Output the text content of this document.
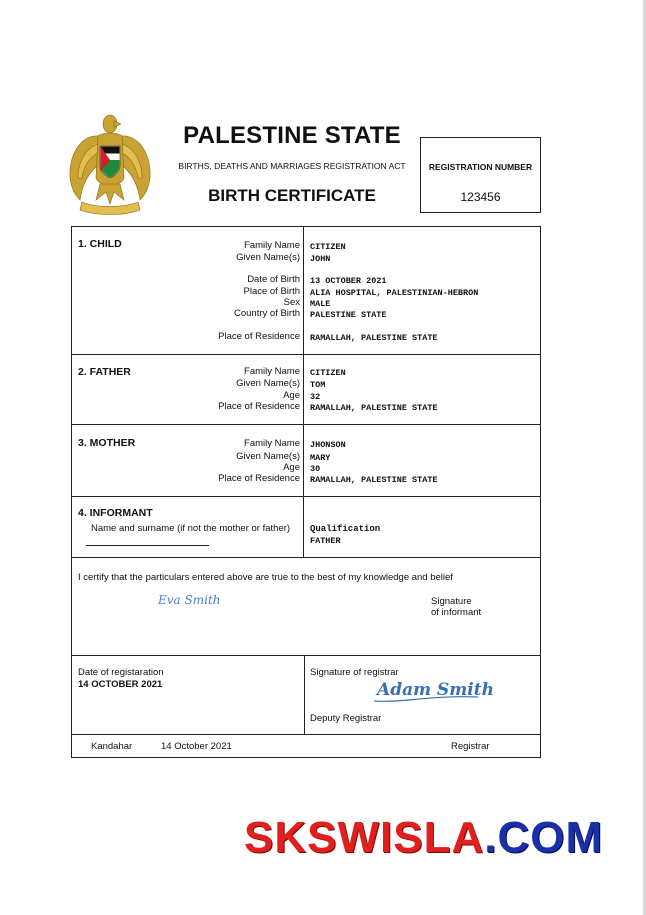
PALESTINE STATE
BIRTHS, DEATHS AND MARRIAGES REGISTRATION ACT
BIRTH CERTIFICATE
REGISTRATION NUMBER
123456
1. CHILD	Family Name CITIZEN
Given Name(s) JOHN
Date of Birth 13 OCTOBER 2021
Place of Birth ALIA HOSPITAL, PALESTINIAN-HEBRON
Sex MALE
Country of Birth PALESTINE STATE
Place of Residence RAMALLAH, PALESTINE STATE
2. FATHER	Family Name CITIZEN
Given Name(s) TOM
Age 32
Place of Residence RAMALLAH, PALESTINE STATE
3. MOTHER	Family Name JHONSON
Given Name(s) MARY
Age 30
Place of Residence RAMALLAH, PALESTINE STATE
4. INFORMANT
Name and surname (if not the mother or father) Qualification
FATHER
I certify that the particulars entered above are true to the best of my knowledge and belief
Eva Smith	Signature
of informant
Date of registaration
14 OCTOBER 2021
Signature of registrar
Adam Smith
Deputy Registrar
Kandahar	14 October 2021	Registrar
SKSWISLA.COM
